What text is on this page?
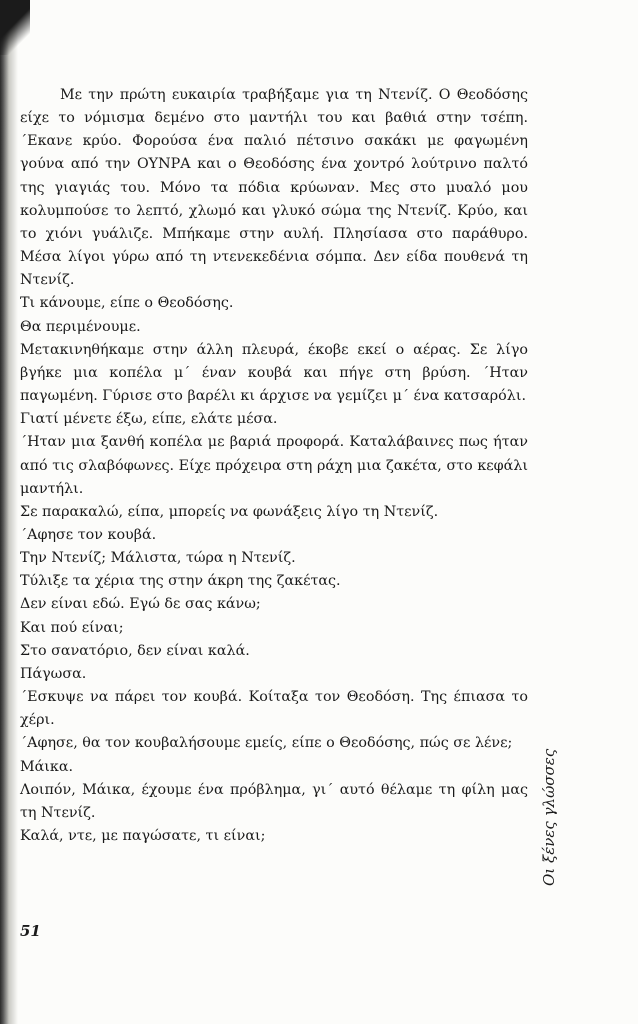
Με την πρώτη ευκαιρία τραβήξαμε για τη Ντενίζ. Ο Θεοδόσης είχε το νόμισμα δεμένο στο μαντήλι του και βαθιά στην τσέπη. ΄Εκανε κρύο. Φορούσα ένα παλιό πέτσινο σακάκι με φαγωμένη γούνα από την ΟΥΝΡΑ και ο Θεοδόσης ένα χοντρό λούτρινο παλτό της γιαγιάς του. Μόνο τα πόδια κρύωναν. Μες στο μυαλό μου κολυμπούσε το λεπτό, χλωμό και γλυκό σώμα της Ντενίζ. Κρύο, και το χιόνι γυάλιζε. Μπήκαμε στην αυλή. Πλησίασα στο παράθυρο. Μέσα λίγοι γύρω από τη ντενεκεδένια σόμπα. Δεν είδα πουθενά τη Ντενίζ.

Τι κάνουμε, είπε ο Θεοδόσης.

Θα περιμένουμε.

Μετακινηθήκαμε στην άλλη πλευρά, έκοβε εκεί ο αέρας. Σε λίγο βγήκε μια κοπέλα μ΄ έναν κουβά και πήγε στη βρύση. ΄Ηταν παγωμένη. Γύρισε στο βαρέλι κι άρχισε να γεμίζει μ΄ ένα κατσαρόλι.

Γιατί μένετε έξω, είπε, ελάτε μέσα.

΄Ηταν μια ξανθή κοπέλα με βαριά προφορά. Καταλάβαινες πως ήταν από τις σλαβόφωνες. Είχε πρόχειρα στη ράχη μια ζακέτα, στο κεφάλι μαντήλι.

Σε παρακαλώ, είπα, μπορείς να φωνάξεις λίγο τη Ντενίζ.

΄Αφησε τον κουβά.

Την Ντενίζ; Μάλιστα, τώρα η Ντενίζ.

Τύλιξε τα χέρια της στην άκρη της ζακέτας.

Δεν είναι εδώ. Εγώ δε σας κάνω;

Και πού είναι;

Στο σανατόριο, δεν είναι καλά.

Πάγωσα.

΄Εσκυψε να πάρει τον κουβά. Κοίταξα τον Θεοδόση. Της έπιασα το χέρι.

΄Αφησε, θα τον κουβαλήσουμε εμείς, είπε ο Θεοδόσης, πώς σε λένε;

Μάικα.

Λοιπόν, Μάικα, έχουμε ένα πρόβλημα, γι΄ αυτό θέλαμε τη φίλη μας τη Ντενίζ.

Καλά, ντε, με παγώσατε, τι είναι;

51
Οι ξένες γλώσσες
